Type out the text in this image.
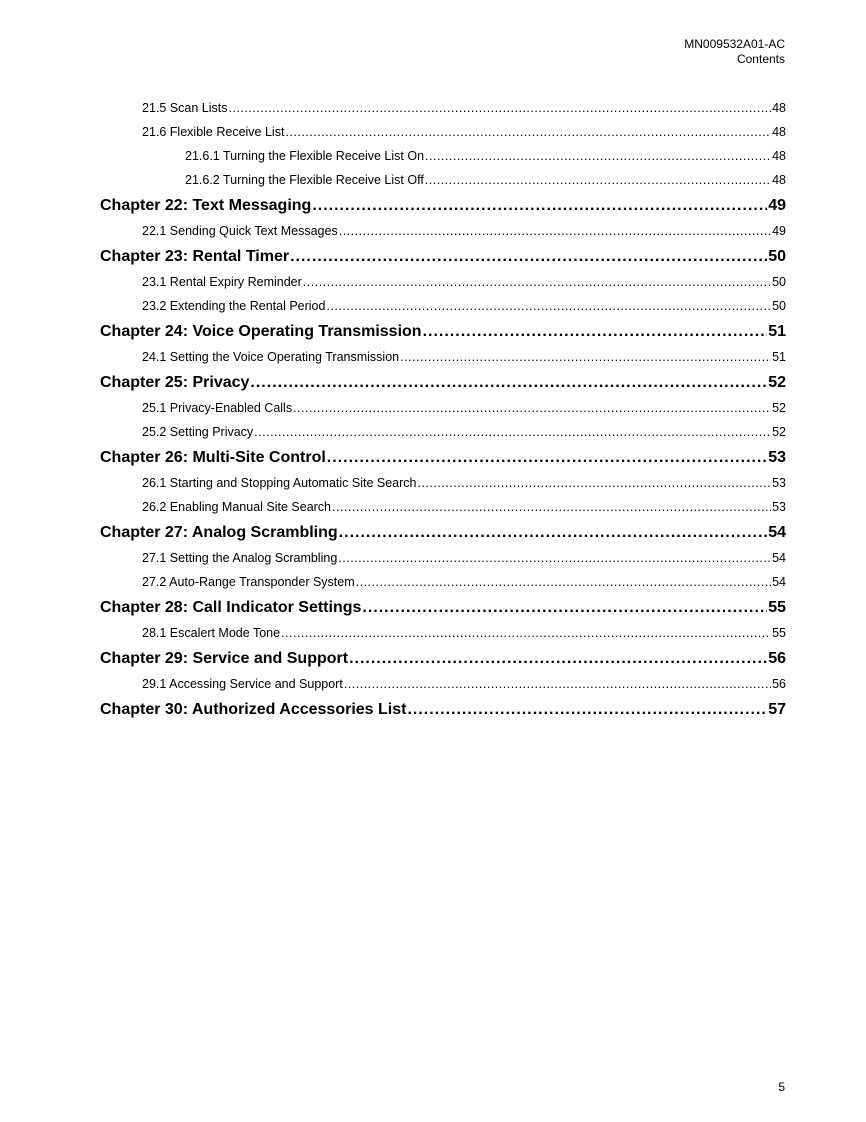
MN009532A01-AC
Contents
21.5 Scan Lists .....	48
21.6 Flexible Receive List .....	48
21.6.1 Turning the Flexible Receive List On .....	48
21.6.2 Turning the Flexible Receive List Off .....	48
Chapter 22: Text Messaging .....	49
22.1 Sending Quick Text Messages .....	49
Chapter 23: Rental Timer .....	50
23.1 Rental Expiry Reminder .....	50
23.2 Extending the Rental Period .....	50
Chapter 24: Voice Operating Transmission .....	51
24.1 Setting the Voice Operating Transmission .....	51
Chapter 25: Privacy .....	52
25.1 Privacy-Enabled Calls .....	52
25.2 Setting Privacy .....	52
Chapter 26: Multi-Site Control .....	53
26.1 Starting and Stopping Automatic Site Search .....	53
26.2 Enabling Manual Site Search .....	53
Chapter 27: Analog Scrambling .....	54
27.1 Setting the Analog Scrambling .....	54
27.2 Auto-Range Transponder System .....	54
Chapter 28: Call Indicator Settings .....	55
28.1 Escalert Mode Tone .....	55
Chapter 29: Service and Support .....	56
29.1 Accessing Service and Support .....	56
Chapter 30: Authorized Accessories List .....	57
5
